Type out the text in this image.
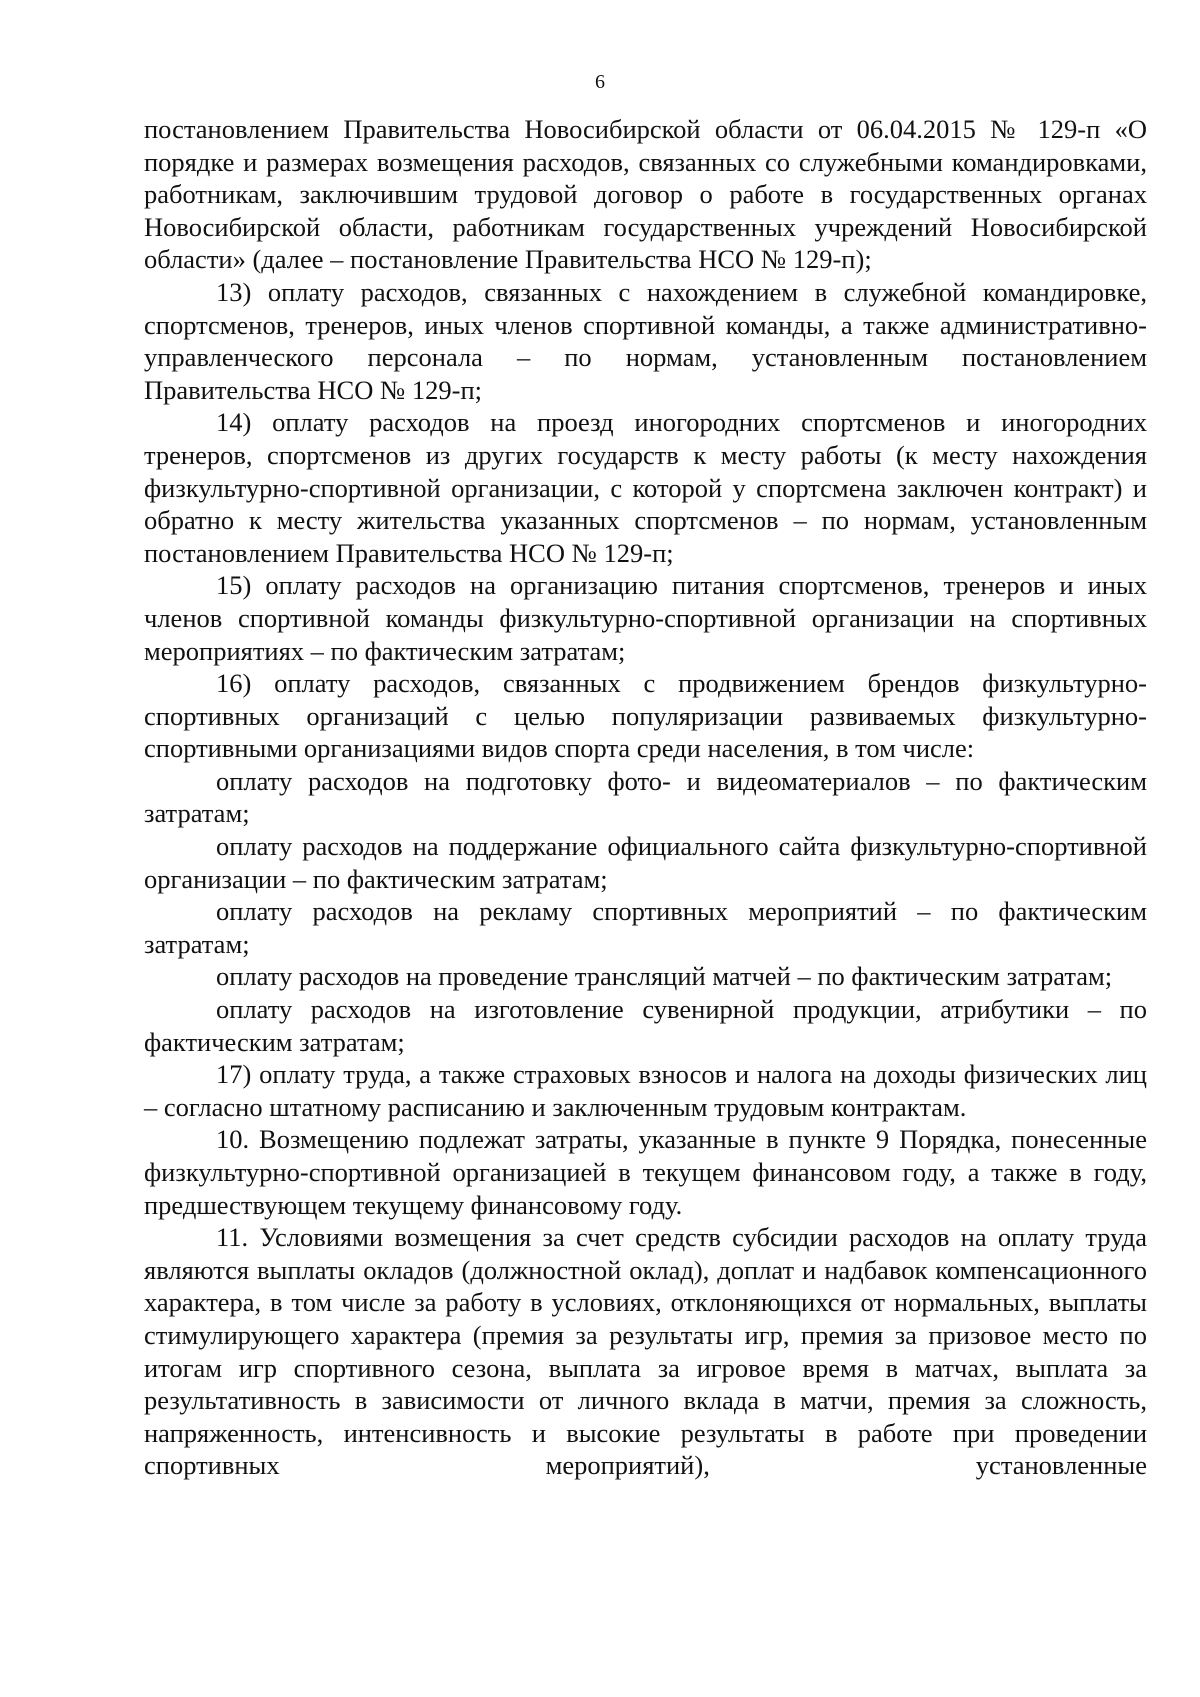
6

постановлением Правительства Новосибирской области от 06.04.2015 № 129-п «О порядке и размерах возмещения расходов, связанных со служебными командировками, работникам, заключившим трудовой договор о работе в государственных органах Новосибирской области, работникам государственных учреждений Новосибирской области» (далее – постановление Правительства НСО № 129-п);

13) оплату расходов, связанных с нахождением в служебной командировке, спортсменов, тренеров, иных членов спортивной команды, а также административно-управленческого персонала – по нормам, установленным постановлением Правительства НСО № 129-п;

14) оплату расходов на проезд иногородних спортсменов и иногородних тренеров, спортсменов из других государств к месту работы (к месту нахождения физкультурно-спортивной организации, с которой у спортсмена заключен контракт) и обратно к месту жительства указанных спортсменов – по нормам, установленным постановлением Правительства НСО № 129-п;

15) оплату расходов на организацию питания спортсменов, тренеров и иных членов спортивной команды физкультурно-спортивной организации на спортивных мероприятиях – по фактическим затратам;

16) оплату расходов, связанных с продвижением брендов физкультурно-спортивных организаций с целью популяризации развиваемых физкультурно-спортивными организациями видов спорта среди населения, в том числе:

оплату расходов на подготовку фото- и видеоматериалов – по фактическим затратам;

оплату расходов на поддержание официального сайта физкультурно-спортивной организации – по фактическим затратам;

оплату расходов на рекламу спортивных мероприятий – по фактическим затратам;

оплату расходов на проведение трансляций матчей – по фактическим затратам;

оплату расходов на изготовление сувенирной продукции, атрибутики – по фактическим затратам;

17) оплату труда, а также страховых взносов и налога на доходы физических лиц – согласно штатному расписанию и заключенным трудовым контрактам.

10. Возмещению подлежат затраты, указанные в пункте 9 Порядка, понесенные физкультурно-спортивной организацией в текущем финансовом году, а также в году, предшествующем текущему финансовому году.

11. Условиями возмещения за счет средств субсидии расходов на оплату труда являются выплаты окладов (должностной оклад), доплат и надбавок компенсационного характера, в том числе за работу в условиях, отклоняющихся от нормальных, выплаты стимулирующего характера (премия за результаты игр, премия за призовое место по итогам игр спортивного сезона, выплата за игровое время в матчах, выплата за результативность в зависимости от личного вклада в матчи, премия за сложность, напряженность, интенсивность и высокие результаты в работе при проведении спортивных мероприятий), установленные
